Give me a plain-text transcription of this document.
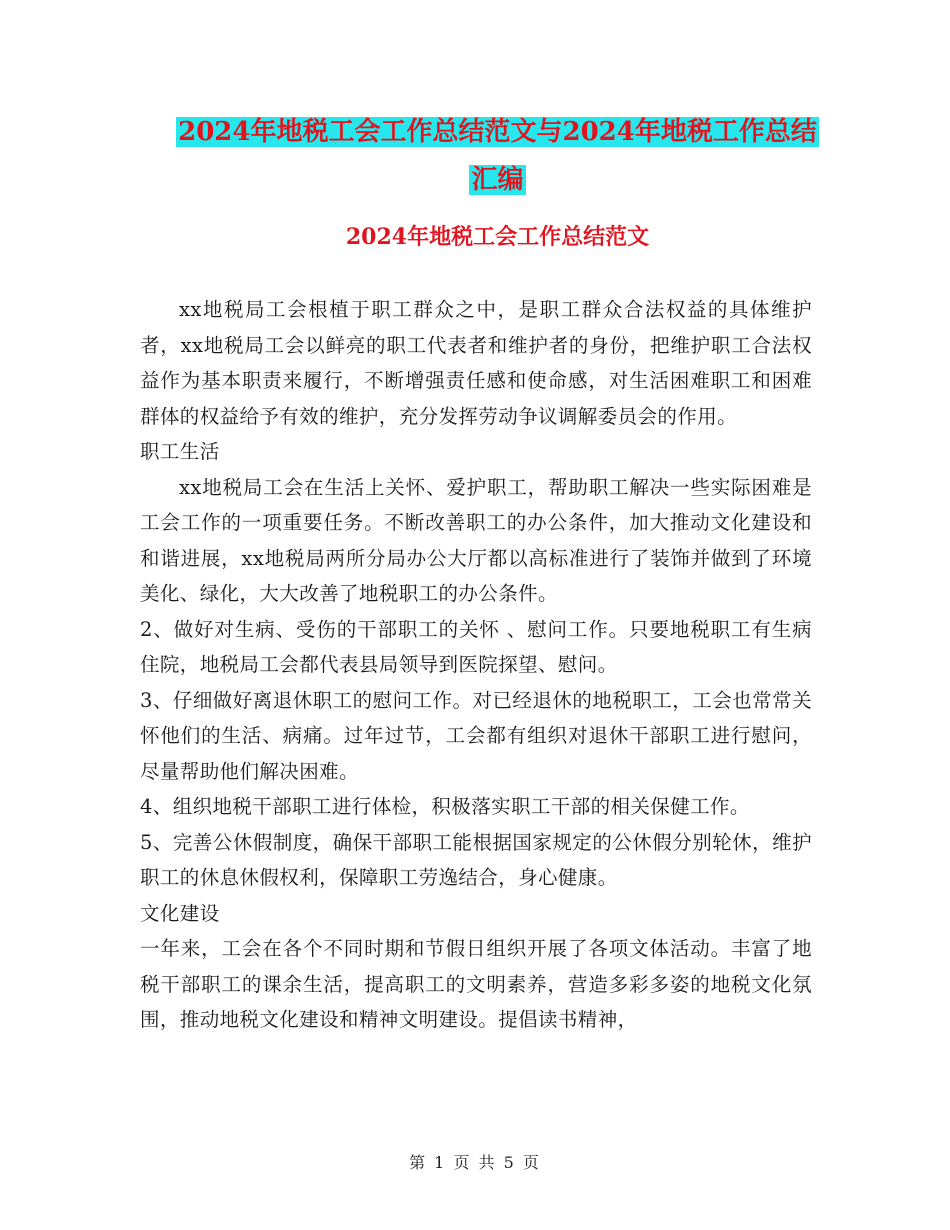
2024年地税工会工作总结范文与2024年地税工作总结
汇编
2024年地税工会工作总结范文

xx地税局工会根植于职工群众之中，是职工群众合法权益的具体维护者，xx地税局工会以鲜亮的职工代表者和维护者的身份，把维护职工合法权益作为基本职责来履行，不断增强责任感和使命感，对生活困难职工和困难群体的权益给予有效的维护，充分发挥劳动争议调解委员会的作用。

职工生活

xx地税局工会在生活上关怀、爱护职工，帮助职工解决一些实际困难是工会工作的一项重要任务。不断改善职工的办公条件，加大推动文化建设和和谐进展，xx地税局两所分局办公大厅都以高标准进行了装饰并做到了环境美化、绿化，大大改善了地税职工的办公条件。

2、做好对生病、受伤的干部职工的关怀 、慰问工作。只要地税职工有生病住院，地税局工会都代表县局领导到医院探望、慰问。

3、仔细做好离退休职工的慰问工作。对已经退休的地税职工，工会也常常关怀他们的生活、病痛。过年过节，工会都有组织对退休干部职工进行慰问，尽量帮助他们解决困难。

4、组织地税干部职工进行体检，积极落实职工干部的相关保健工作。

5、完善公休假制度，确保干部职工能根据国家规定的公休假分别轮休，维护职工的休息休假权利，保障职工劳逸结合，身心健康。

文化建设

一年来，工会在各个不同时期和节假日组织开展了各项文体活动。丰富了地税干部职工的课余生活，提高职工的文明素养，营造多彩多姿的地税文化氛围，推动地税文化建设和精神文明建设。提倡读书精神，

第 1 页 共 5 页
